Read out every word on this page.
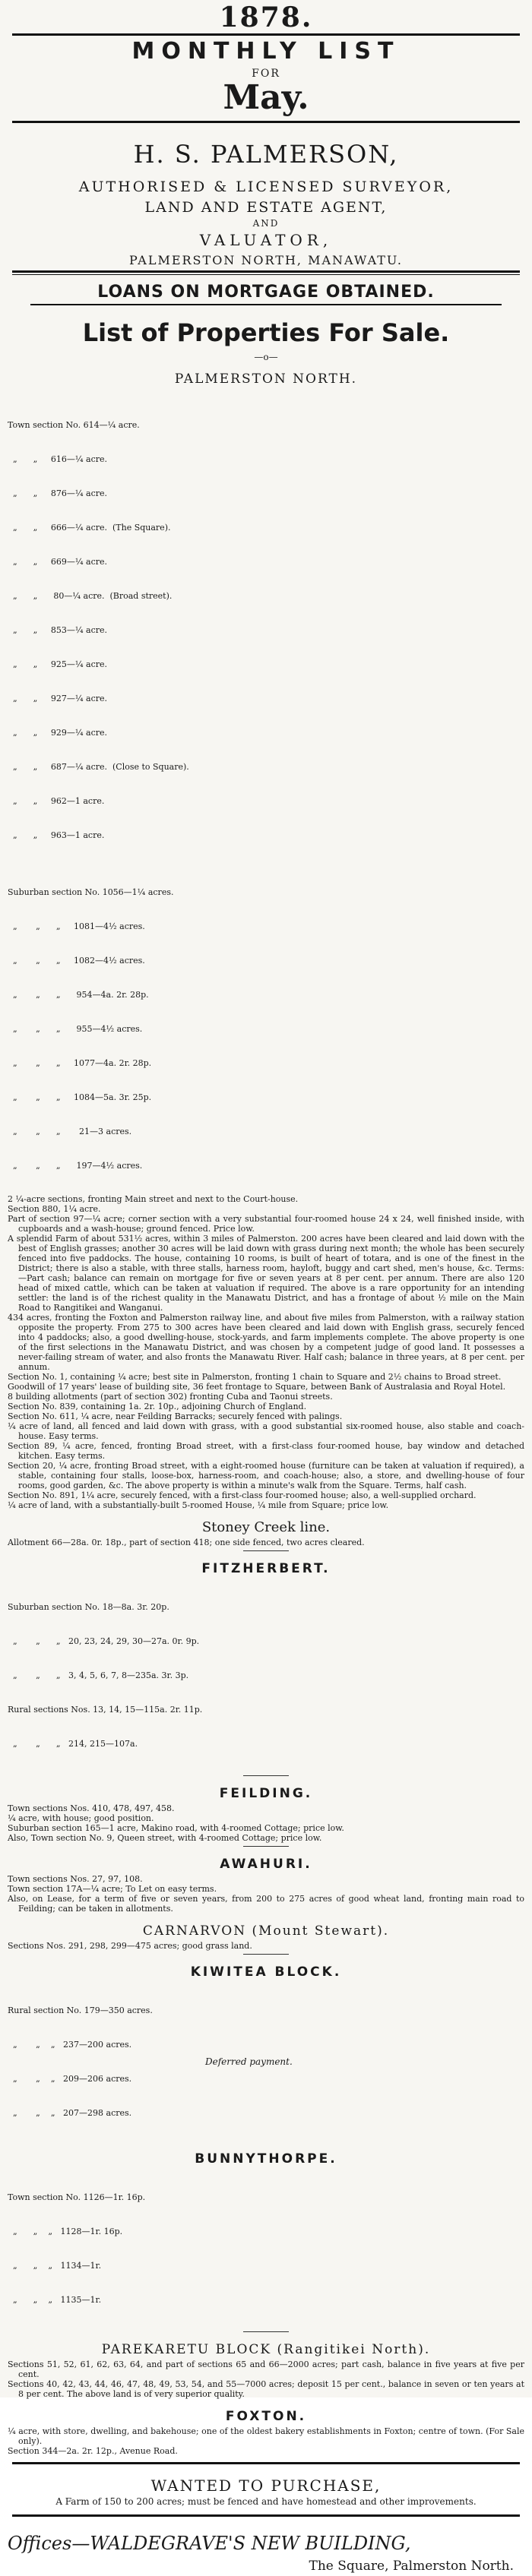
1878.
MONTHLY LIST
FOR
May.
H. S. PALMERSON,
AUTHORISED & LICENSED SURVEYOR,
LAND AND ESTATE AGENT,
AND
VALUATOR,
PALMERSTON NORTH, MANAWATU.
LOANS ON MORTGAGE OBTAINED.
List of Properties For Sale.
—o—
PALMERSTON NORTH.

Town section No. 614—¼ acre.

„      „     616—¼ acre.

„      „     876—¼ acre.

„      „     666—¼ acre.  (The Square).

„      „     669—¼ acre.

„      „      80—¼ acre.  (Broad street).

„      „     853—¼ acre.

„      „     925—¼ acre.

„      „     927—¼ acre.

„      „     929—¼ acre.

„      „     687—¼ acre.  (Close to Square).

„      „     962—1 acre.

„      „     963—1 acre.

Suburban section No. 1056—1¼ acres.

„       „      „     1081—4½ acres.

„       „      „     1082—4½ acres.

„       „      „      954—4a. 2r. 28p.

„       „      „      955—4½ acres.

„       „      „     1077—4a. 2r. 28p.

„       „      „     1084—5a. 3r. 25p.

„       „      „       21—3 acres.

„       „      „      197—4½ acres.

2 ¼-acre sections, fronting Main street and next to the Court-house.
Section 880, 1¼ acre.
Part of section 97—¼ acre; corner section with a very substantial four-roomed house 24 x 24, well finished inside, with cupboards and a wash-house; ground fenced. Price low.
A splendid Farm of about 531½ acres, within 3 miles of Palmerston. 200 acres have been cleared and laid down with the best of English grasses; another 30 acres will be laid down with grass during next month; the whole has been securely fenced into five paddocks. The house, containing 10 rooms, is built of heart of totara, and is one of the finest in the District; there is also a stable, with three stalls, harness room, hayloft, buggy and cart shed, men's house, &c. Terms:—Part cash; balance can remain on mortgage for five or seven years at 8 per cent. per annum. There are also 120 head of mixed cattle, which can be taken at valuation if required. The above is a rare opportunity for an intending settler: the land is of the richest quality in the Manawatu District, and has a frontage of about ½ mile on the Main Road to Rangitikei and Wanganui.
434 acres, fronting the Foxton and Palmerston railway line, and about five miles from Palmerston, with a railway station opposite the property. From 275 to 300 acres have been cleared and laid down with English grass, securely fenced into 4 paddocks; also, a good dwelling-house, stock-yards, and farm implements complete. The above property is one of the first selections in the Manawatu District, and was chosen by a competent judge of good land. It possesses a never-failing stream of water, and also fronts the Manawatu River. Half cash; balance in three years, at 8 per cent. per annum.
Section No. 1, containing ¼ acre; best site in Palmerston, fronting 1 chain to Square and 2½ chains to Broad street.
Goodwill of 17 years' lease of building site, 36 feet frontage to Square, between Bank of Australasia and Royal Hotel.
8 building allotments (part of section 302) fronting Cuba and Taonui streets.
Section No. 839, containing 1a. 2r. 10p., adjoining Church of England.
Section No. 611, ¼ acre, near Feilding Barracks; securely fenced with palings.
¼ acre of land, all fenced and laid down with grass, with a good substantial six-roomed house, also stable and coach-house. Easy terms.
Section 89, ¼ acre, fenced, fronting Broad street, with a first-class four-roomed house, bay window and detached kitchen. Easy terms.
Section 20, ¼ acre, fronting Broad street, with a eight-roomed house (furniture can be taken at valuation if required), a stable, containing four stalls, loose-box, harness-room, and coach-house; also, a store, and dwelling-house of four rooms, good garden, &c. The above property is within a minute's walk from the Square. Terms, half cash.
Section No. 891, 1¼ acre, securely fenced, with a first-class four-roomed house; also, a well-supplied orchard.
¼ acre of land, with a substantially-built 5-roomed House, ¼ mile from Square; price low.
Stoney Creek line.
Allotment 66—28a. 0r. 18p., part of section 418; one side fenced, two acres cleared.
FITZHERBERT.

Suburban section No. 18—8a. 3r. 20p.

„       „      „   20, 23, 24, 29, 30—27a. 0r. 9p.

„       „      „   3, 4, 5, 6, 7, 8—235a. 3r. 3p.

Rural sections Nos. 13, 14, 15—115a. 2r. 11p.

„       „      „   214, 215—107a.

FEILDING.
Town sections Nos. 410, 478, 497, 458.
¼ acre, with house; good position.
Suburban section 165—1 acre, Makino road, with 4-roomed Cottage; price low.
Also, Town section No. 9, Queen street, with 4-roomed Cottage; price low.
AWAHURI.
Town sections Nos. 27, 97, 108.
Town section 17A—¼ acre; To Let on easy terms.
Also, on Lease, for a term of five or seven years, from 200 to 275 acres of good wheat land, fronting main road to Feilding; can be taken in allotments.
CARNARVON (Mount Stewart).
Sections Nos. 291, 298, 299—475 acres; good grass land.
KIWITEA BLOCK.

Rural section No. 179—350 acres.

„       „    „   237—200 acres.

„       „    „   209—206 acres.

„       „    „   207—298 acres.

Deferred payment.
BUNNYTHORPE.

Town section No. 1126—1r. 16p.

„      „    „   1128—1r. 16p.

„      „    „   1134—1r.

„      „    „   1135—1r.

PAREKARETU BLOCK (Rangitikei North).
Sections 51, 52, 61, 62, 63, 64, and part of sections 65 and 66—2000 acres; part cash, balance in five years at five per cent.
Sections 40, 42, 43, 44, 46, 47, 48, 49, 53, 54, and 55—7000 acres; deposit 15 per cent., balance in seven or ten years at 8 per cent. The above land is of very superior quality.
FOXTON.
¼ acre, with store, dwelling, and bakehouse; one of the oldest bakery establishments in Foxton; centre of town. (For Sale only).
Section 344—2a. 2r. 12p., Avenue Road.
WANTED TO PURCHASE,
A Farm of 150 to 200 acres; must be fenced and have homestead and other improvements.
Offices—WALDEGRAVE'S NEW BUILDING,
The Square, Palmerston North.
